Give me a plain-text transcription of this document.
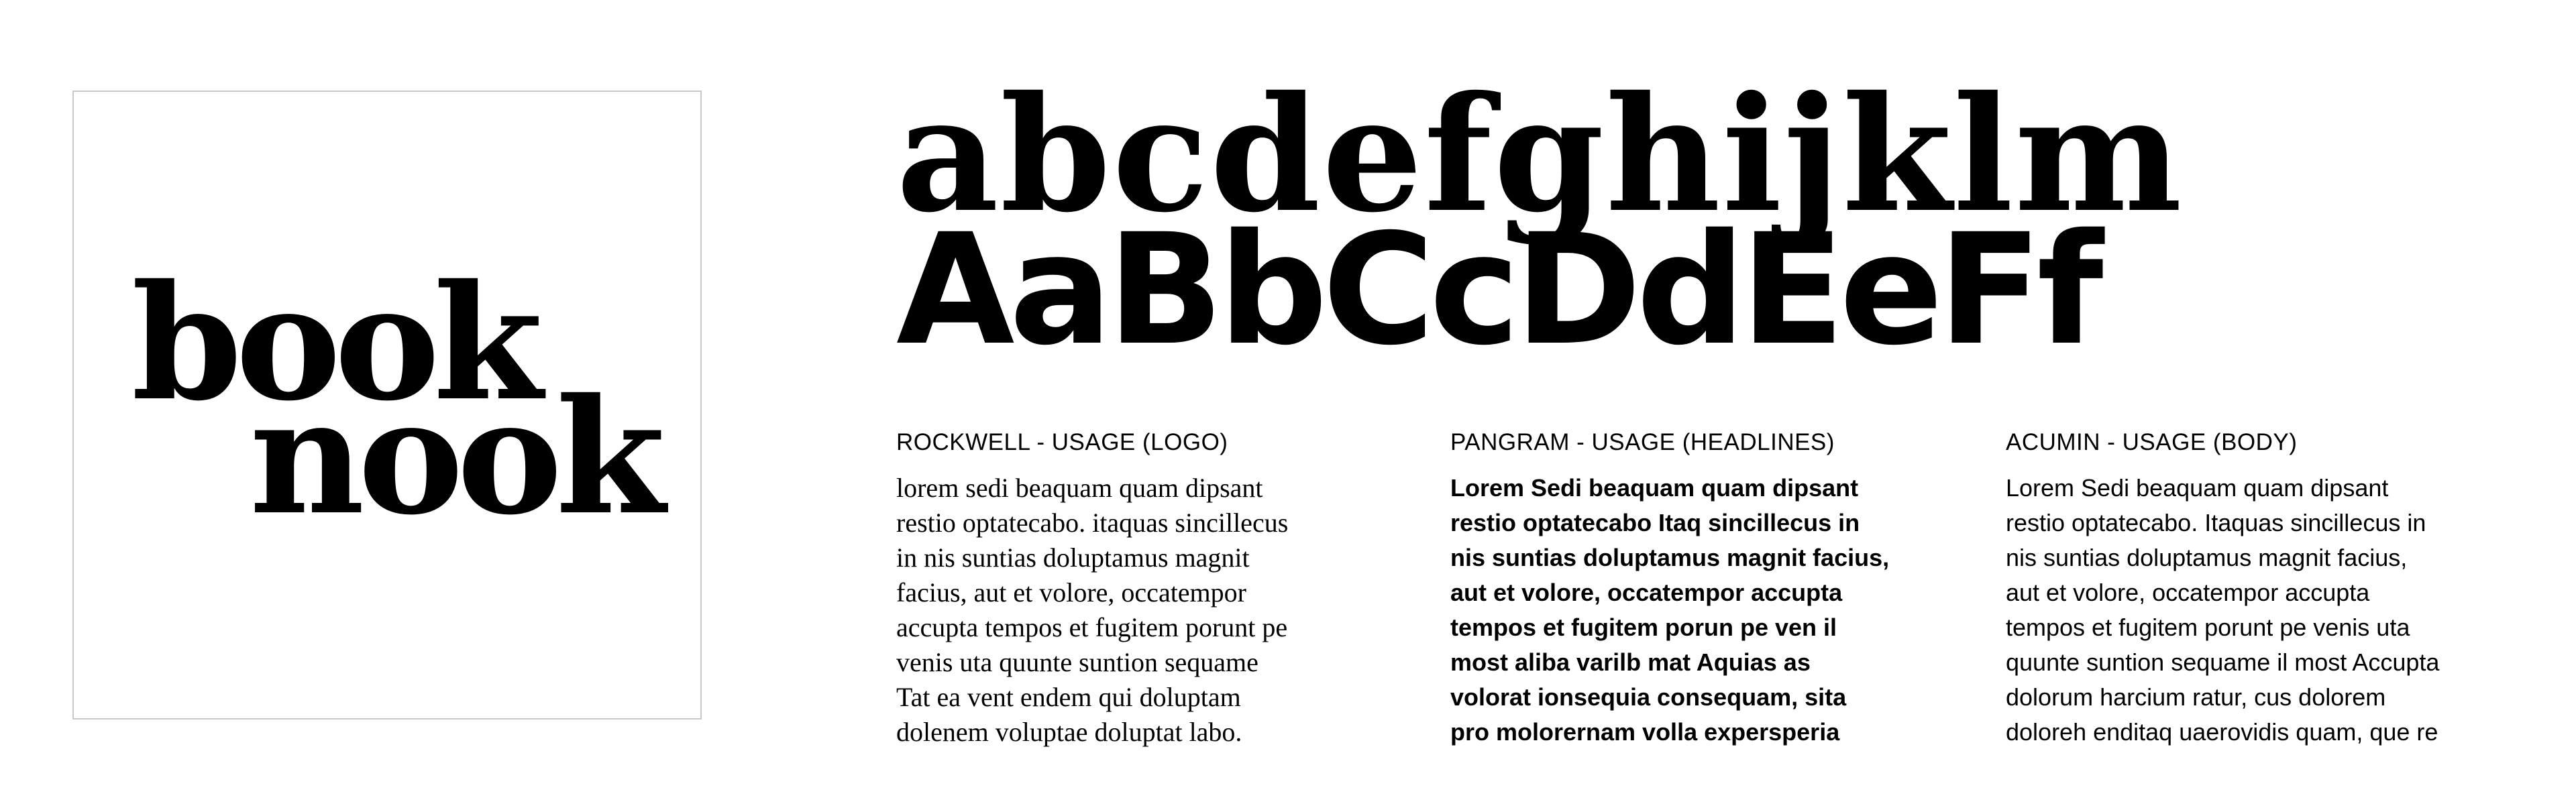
book

nook

abcdefghijklm

AaBbCcDdEeFf

ROCKWELL - USAGE (LOGO)

lorem sedi beaquam quam dipsant
restio optatecabo. itaquas sincillecus
in nis suntias doluptamus magnit
facius, aut et volore, occatempor
accupta tempos et fugitem porunt pe
venis uta quunte suntion sequame
Tat ea vent endem qui doluptam
dolenem voluptae doluptat labo.

PANGRAM - USAGE (HEADLINES)

Lorem Sedi beaquam quam dipsant
restio optatecabo Itaq sincillecus in
nis suntias doluptamus magnit facius,
aut et volore, occatempor accupta
tempos et fugitem porun pe ven il
most aliba varilb mat Aquias as
volorat ionsequia consequam, sita
pro molorernam volla expersperia

ACUMIN - USAGE (BODY)

Lorem Sedi beaquam quam dipsant
restio optatecabo. Itaquas sincillecus in
nis suntias doluptamus magnit facius,
aut et volore, occatempor accupta
tempos et fugitem porunt pe venis uta
quunte suntion sequame il most Accupta
dolorum harcium ratur, cus dolorem
doloreh enditaq uaerovidis quam, que re
